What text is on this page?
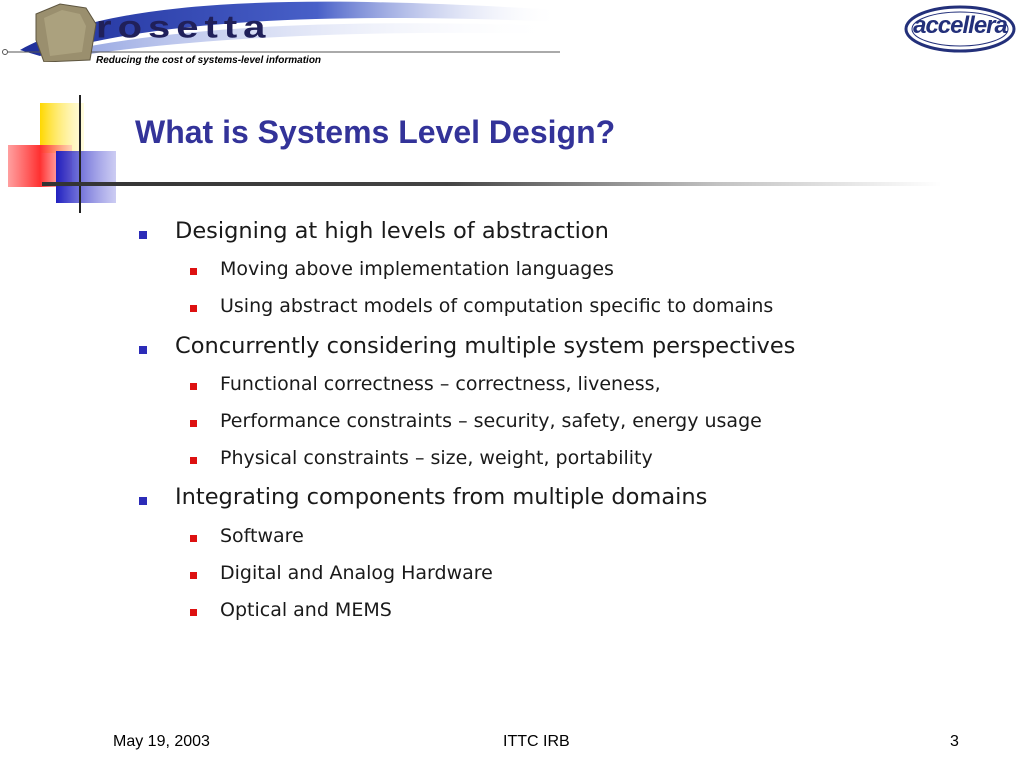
rosetta
Reducing the cost of systems-level information
accellera
What is Systems Level Design?
Designing at high levels of abstraction
Moving above implementation languages
Using abstract models of computation specific to domains
Concurrently considering multiple system perspectives
Functional correctness – correctness, liveness,
Performance constraints – security, safety, energy usage
Physical constraints – size, weight, portability
Integrating components from multiple domains
Software
Digital and Analog Hardware
Optical and MEMS
May 19, 2003	ITTC IRB	3
